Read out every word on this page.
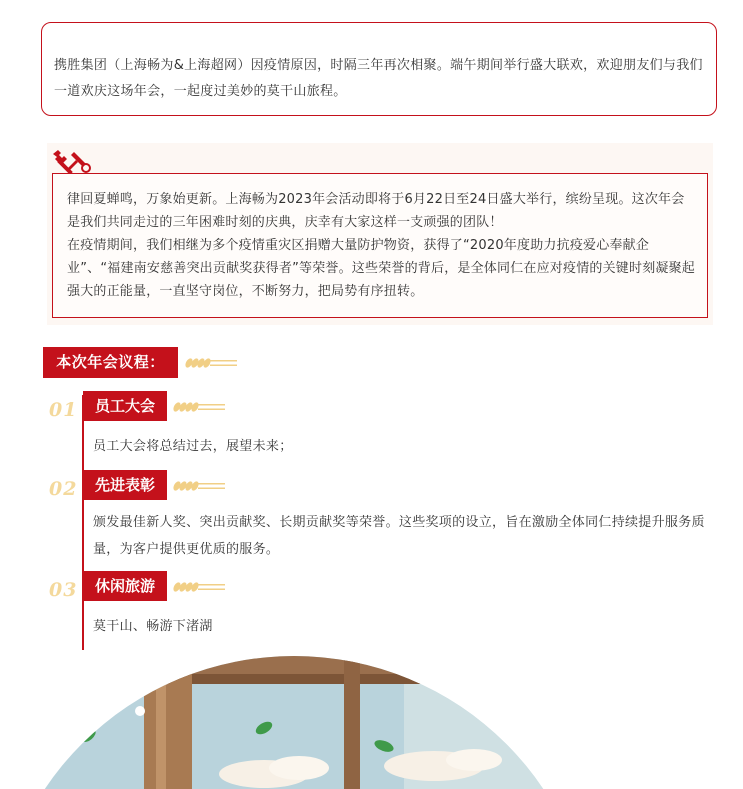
携胜集团（上海畅为&上海超网）因疫情原因，时隔三年再次相聚。端午期间举行盛大联欢，欢迎朋友们与我们一道欢庆这场年会，一起度过美妙的莫干山旅程。

律回夏蝉鸣，万象始更新。上海畅为2023年会活动即将于6月22日至24日盛大举行，缤纷呈现。这次年会是我们共同走过的三年困难时刻的庆典，庆幸有大家这样一支顽强的团队！

在疫情期间，我们相继为多个疫情重灾区捐赠大量防护物资，获得了“2020年度助力抗疫爱心奉献企业”、“福建南安慈善突出贡献奖获得者”等荣誉。这些荣誉的背后，是全体同仁在应对疫情的关键时刻凝聚起强大的正能量，一直坚守岗位，不断努力，把局势有序扭转。

本次年会议程：
01	员工大会
员工大会将总结过去，展望未来；
02	先进表彰
颁发最佳新人奖、突出贡献奖、长期贡献奖等荣誉。这些奖项的设立，旨在激励全体同仁持续提升服务质量，为客户提供更优质的服务。
03	休闲旅游
莫干山、畅游下渚湖
